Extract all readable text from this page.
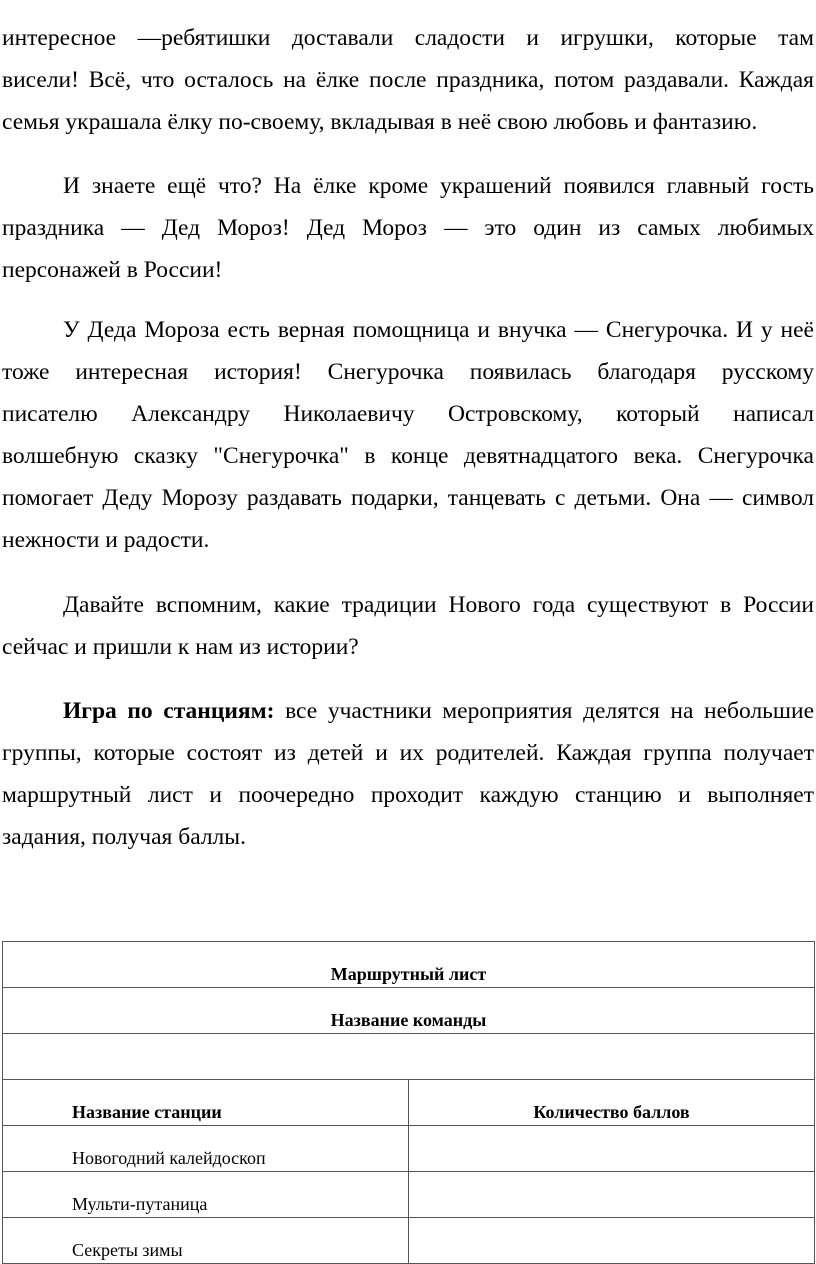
интересное —ребятишки доставали сладости и игрушки, которые там
висели! Всё, что осталось на ёлке после праздника, потом раздавали. Каждая
семья украшала ёлку по-своему, вкладывая в неё свою любовь и фантазию.
И знаете ещё что? На ёлке кроме украшений появился главный гость
праздника — Дед Мороз! Дед Мороз — это один из самых любимых
персонажей в России!
У Деда Мороза есть верная помощница и внучка — Снегурочка. И у неё
тоже интересная история! Снегурочка появилась благодаря русскому
писателю Александру Николаевичу Островскому, который написал
волшебную сказку "Снегурочка" в конце девятнадцатого века. Снегурочка
помогает Деду Морозу раздавать подарки, танцевать с детьми. Она — символ
нежности и радости.
Давайте вспомним, какие традиции Нового года существуют в России
сейчас и пришли к нам из истории?
Игра по станциям: все участники мероприятия делятся на небольшие
группы, которые состоят из детей и их родителей. Каждая группа получает
маршрутный лист и поочередно проходит каждую станцию и выполняет
задания, получая баллы.
Маршрутный лист	
Название команды	

Название станции	Количество баллов
Новогодний калейдоскоп	
Мульти-путаница	
Секреты зимы	
